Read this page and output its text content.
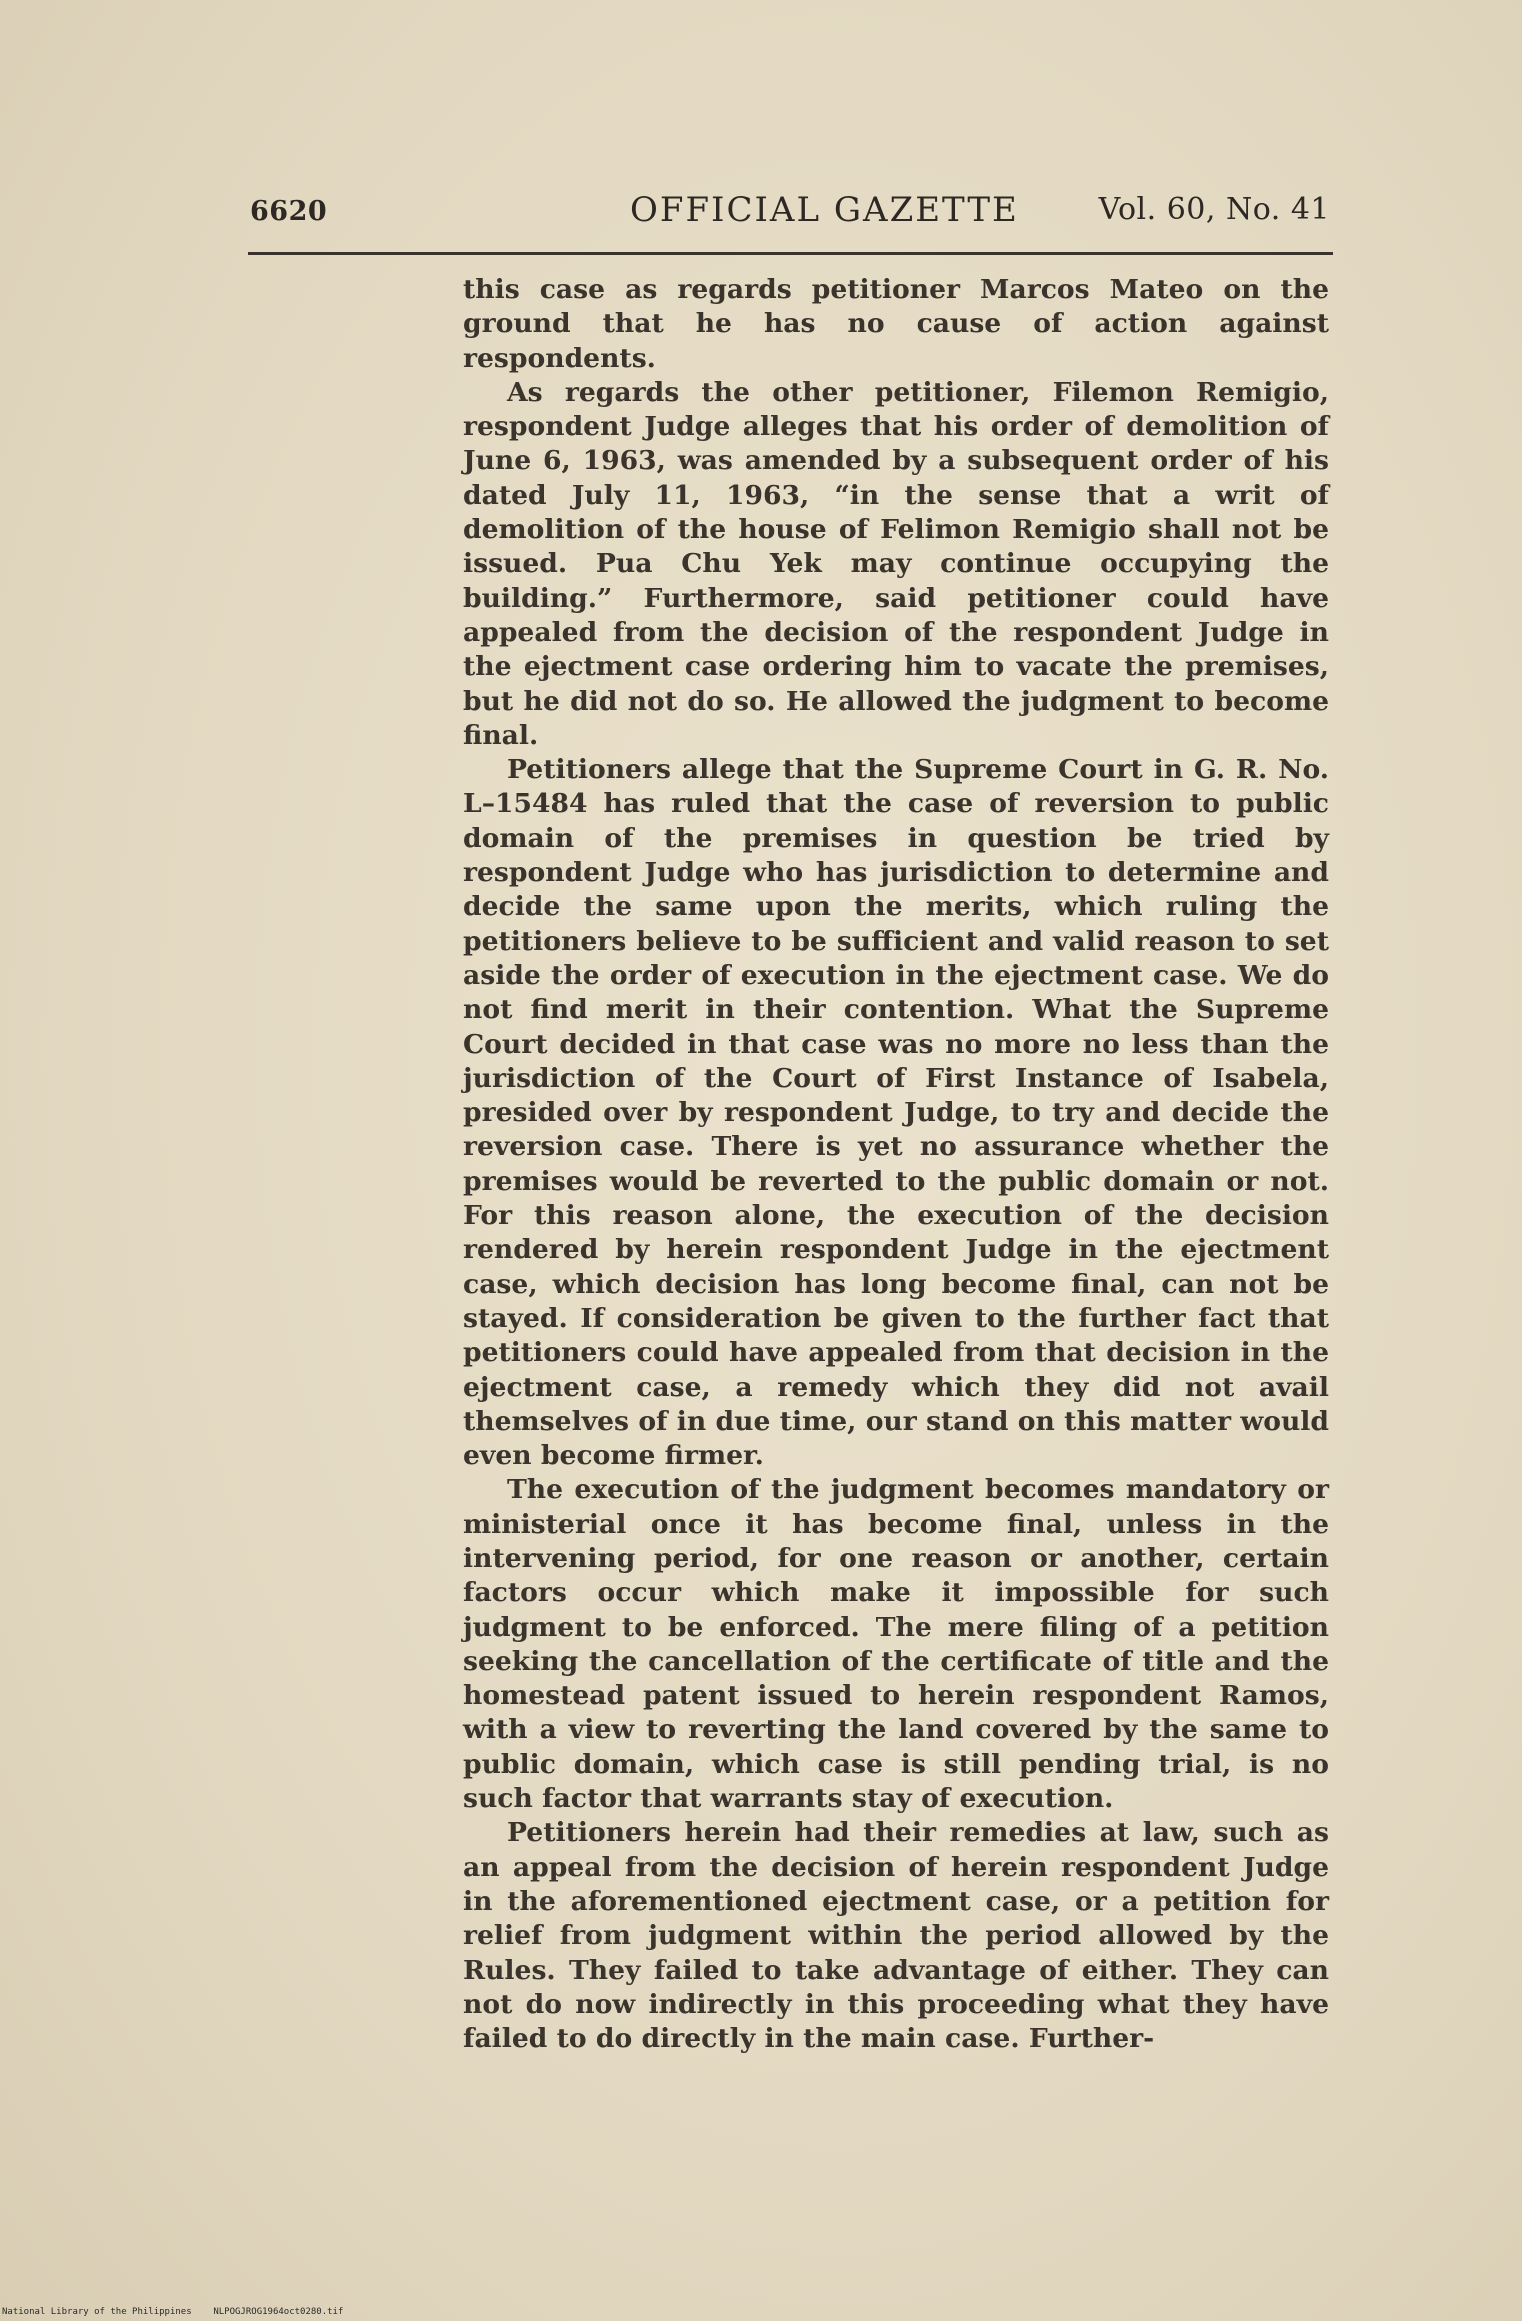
6620	OFFICIAL GAZETTE	Vol. 60, No. 41

this case as regards petitioner Marcos Mateo on the ground that he has no cause of action against respondents.

As regards the other petitioner, Filemon Remigio, respondent Judge alleges that his order of demolition of June 6, 1963, was amended by a subsequent order of his dated July 11, 1963, “in the sense that a writ of demolition of the house of Felimon Remigio shall not be issued. Pua Chu Yek may continue occupying the building.” Furthermore, said petitioner could have appealed from the decision of the respondent Judge in the ejectment case ordering him to vacate the premises, but he did not do so. He allowed the judgment to become final.

Petitioners allege that the Supreme Court in G. R. No. L–15484 has ruled that the case of reversion to public domain of the premises in question be tried by respondent Judge who has jurisdiction to determine and decide the same upon the merits, which ruling the petitioners believe to be sufficient and valid reason to set aside the order of execution in the ejectment case. We do not find merit in their contention. What the Supreme Court decided in that case was no more no less than the jurisdiction of the Court of First Instance of Isabela, presided over by respondent Judge, to try and decide the reversion case. There is yet no assurance whether the premises would be reverted to the public domain or not. For this reason alone, the execution of the decision rendered by herein respondent Judge in the ejectment case, which decision has long become final, can not be stayed. If consideration be given to the further fact that petitioners could have appealed from that decision in the ejectment case, a remedy which they did not avail themselves of in due time, our stand on this matter would even become firmer.

The execution of the judgment becomes mandatory or ministerial once it has become final, unless in the intervening period, for one reason or another, certain factors occur which make it impossible for such judgment to be enforced. The mere filing of a petition seeking the cancellation of the certificate of title and the homestead patent issued to herein respondent Ramos, with a view to reverting the land covered by the same to public domain, which case is still pending trial, is no such factor that warrants stay of execution.

Petitioners herein had their remedies at law, such as an appeal from the decision of herein respondent Judge in the aforementioned ejectment case, or a petition for relief from judgment within the period allowed by the Rules. They failed to take advantage of either. They can not do now indirectly in this proceeding what they have failed to do directly in the main case. Further-

National Library of the Philippines NLPOGJROG1964oct0280.tif
